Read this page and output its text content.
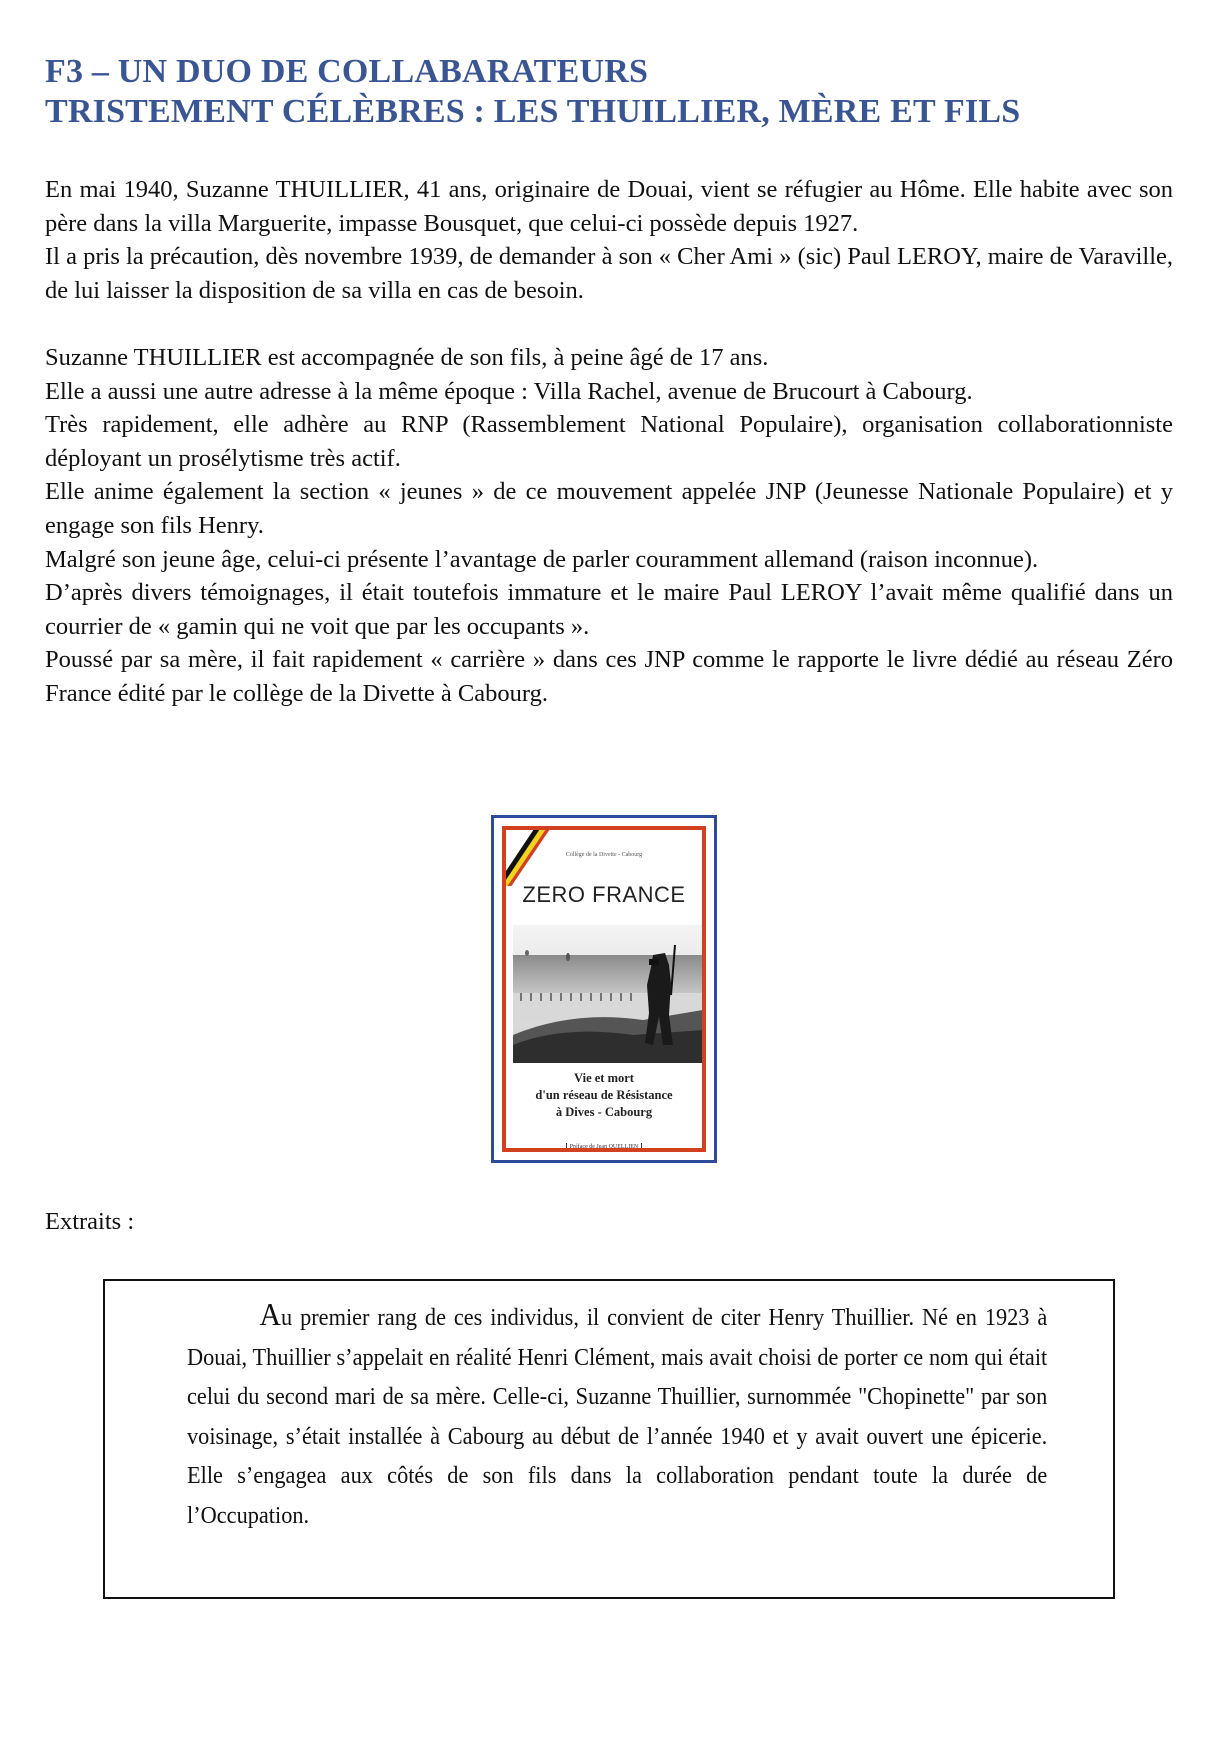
F3 – UN DUO DE COLLABARATEURS
TRISTEMENT CÉLÈBRES : LES THUILLIER, MÈRE ET FILS

En mai 1940, Suzanne THUILLIER, 41 ans, originaire de Douai, vient se réfugier au Hôme. Elle habite avec son père dans la villa Marguerite, impasse Bousquet, que celui-ci possède depuis 1927.

Il a pris la précaution, dès novembre 1939, de demander à son « Cher Ami » (sic) Paul LEROY, maire de Varaville, de lui laisser la disposition de sa villa en cas de besoin.

Suzanne THUILLIER est accompagnée de son fils, à peine âgé de 17 ans.

Elle a aussi une autre adresse à la même époque : Villa Rachel, avenue de Brucourt à Cabourg.

Très rapidement, elle adhère au RNP (Rassemblement National Populaire), organisation collaborationniste déployant un prosélytisme très actif.

Elle anime également la section « jeunes » de ce mouvement appelée JNP (Jeunesse Nationale Populaire) et y engage son fils Henry.

Malgré son jeune âge, celui-ci présente l’avantage de parler couramment allemand (raison inconnue).

D’après divers témoignages, il était toutefois immature et le maire Paul LEROY l’avait même qualifié dans un courrier de « gamin qui ne voit que par les occupants ».

Poussé par sa mère, il fait rapidement « carrière » dans ces JNP comme le rapporte le livre dédié au réseau Zéro France édité par le collège de la Divette à Cabourg.

Collège de la Divette - Cabourg
ZERO FRANCE
Vie et mort
d'un réseau de Résistance
à Dives - Cabourg
Préface de Jean QUELLIEN
Extraits :

Au premier rang de ces individus, il convient de citer Henry Thuillier. Né en 1923 à Douai, Thuillier s’appelait en réalité Henri Clément, mais avait choisi de porter ce nom qui était celui du second mari de sa mère. Celle-ci, Suzanne Thuillier, surnommée "Chopinette" par son voisinage, s’était installée à Cabourg au début de l’année 1940 et y avait ouvert une épicerie. Elle s’engagea aux côtés de son fils dans la collaboration pendant toute la durée de l’Occupation.
